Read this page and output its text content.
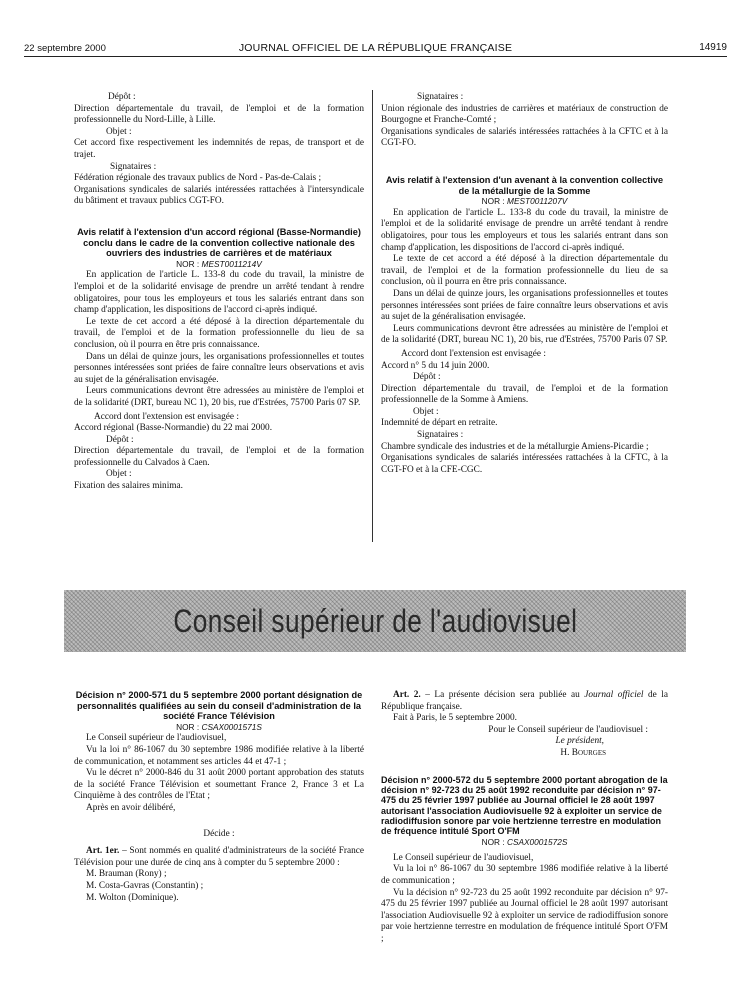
22 septembre 2000	JOURNAL OFFICIEL DE LA RÉPUBLIQUE FRANÇAISE	14919

Dépôt :

Direction départementale du travail, de l'emploi et de la formation professionnelle du Nord-Lille, à Lille.

Objet :

Cet accord fixe respectivement les indemnités de repas, de transport et de trajet.

Signataires :

Fédération régionale des travaux publics de Nord - Pas-de-Calais ;

Organisations syndicales de salariés intéressées rattachées à l'intersyndicale du bâtiment et travaux publics CGT-FO.

Avis relatif à l'extension d'un accord régional (Basse-Normandie) conclu dans le cadre de la convention collective nationale des ouvriers des industries de carrières et de matériaux

NOR : MEST0011214V

En application de l'article L. 133-8 du code du travail, la ministre de l'emploi et de la solidarité envisage de prendre un arrêté tendant à rendre obligatoires, pour tous les employeurs et tous les salariés entrant dans son champ d'application, les dispositions de l'accord ci-après indiqué.

Le texte de cet accord a été déposé à la direction départementale du travail, de l'emploi et de la formation professionnelle du lieu de sa conclusion, où il pourra en être pris connaissance.

Dans un délai de quinze jours, les organisations professionnelles et toutes personnes intéressées sont priées de faire connaître leurs observations et avis au sujet de la généralisation envisagée.

Leurs communications devront être adressées au ministère de l'emploi et de la solidarité (DRT, bureau NC 1), 20 bis, rue d'Estrées, 75700 Paris 07 SP.

Accord dont l'extension est envisagée :

Accord régional (Basse-Normandie) du 22 mai 2000.

Dépôt :

Direction départementale du travail, de l'emploi et de la formation professionnelle du Calvados à Caen.

Objet :

Fixation des salaires minima.

Signataires :

Union régionale des industries de carrières et matériaux de construction de Bourgogne et Franche-Comté ;

Organisations syndicales de salariés intéressées rattachées à la CFTC et à la CGT-FO.

Avis relatif à l'extension d'un avenant à la convention collective de la métallurgie de la Somme

NOR : MEST0011207V

En application de l'article L. 133-8 du code du travail, la ministre de l'emploi et de la solidarité envisage de prendre un arrêté tendant à rendre obligatoires, pour tous les employeurs et tous les salariés entrant dans son champ d'application, les dispositions de l'accord ci-après indiqué.

Le texte de cet accord a été déposé à la direction départementale du travail, de l'emploi et de la formation professionnelle du lieu de sa conclusion, où il pourra en être pris connaissance.

Dans un délai de quinze jours, les organisations professionnelles et toutes personnes intéressées sont priées de faire connaître leurs observations et avis au sujet de la généralisation envisagée.

Leurs communications devront être adressées au ministère de l'emploi et de la solidarité (DRT, bureau NC 1), 20 bis, rue d'Estrées, 75700 Paris 07 SP.

Accord dont l'extension est envisagée :

Accord n° 5 du 14 juin 2000.

Dépôt :

Direction départementale du travail, de l'emploi et de la formation professionnelle de la Somme à Amiens.

Objet :

Indemnité de départ en retraite.

Signataires :

Chambre syndicale des industries et de la métallurgie Amiens-Picardie ;

Organisations syndicales de salariés intéressées rattachées à la CFTC, à la CGT-FO et à la CFE-CGC.

Conseil supérieur de l'audiovisuel

Décision n° 2000-571 du 5 septembre 2000 portant désignation de personnalités qualifiées au sein du conseil d'administration de la société France Télévision

NOR : CSAX0001571S

Le Conseil supérieur de l'audiovisuel,

Vu la loi n° 86-1067 du 30 septembre 1986 modifiée relative à la liberté de communication, et notamment ses articles 44 et 47-1 ;

Vu le décret n° 2000-846 du 31 août 2000 portant approbation des statuts de la société France Télévision et soumettant France 2, France 3 et La Cinquième à des contrôles de l'Etat ;

Après en avoir délibéré,

Décide :

Art. 1er. – Sont nommés en qualité d'administrateurs de la société France Télévision pour une durée de cinq ans à compter du 5 septembre 2000 :

M. Brauman (Rony) ;

M. Costa-Gavras (Constantin) ;

M. Wolton (Dominique).

Art. 2. – La présente décision sera publiée au Journal officiel de la République française.

Fait à Paris, le 5 septembre 2000.

Pour le Conseil supérieur de l'audiovisuel :

Le président,

H. Bourges

Décision n° 2000-572 du 5 septembre 2000 portant abrogation de la décision n° 92-723 du 25 août 1992 reconduite par décision n° 97-475 du 25 février 1997 publiée au Journal officiel le 28 août 1997 autorisant l'association Audiovisuelle 92 à exploiter un service de radiodiffusion sonore par voie hertzienne terrestre en modulation de fréquence intitulé Sport O'FM

NOR : CSAX0001572S

Le Conseil supérieur de l'audiovisuel,

Vu la loi n° 86-1067 du 30 septembre 1986 modifiée relative à la liberté de communication ;

Vu la décision n° 92-723 du 25 août 1992 reconduite par décision n° 97-475 du 25 février 1997 publiée au Journal officiel le 28 août 1997 autorisant l'association Audiovisuelle 92 à exploiter un service de radiodiffusion sonore par voie hertzienne terrestre en modulation de fréquence intitulé Sport O'FM ;
